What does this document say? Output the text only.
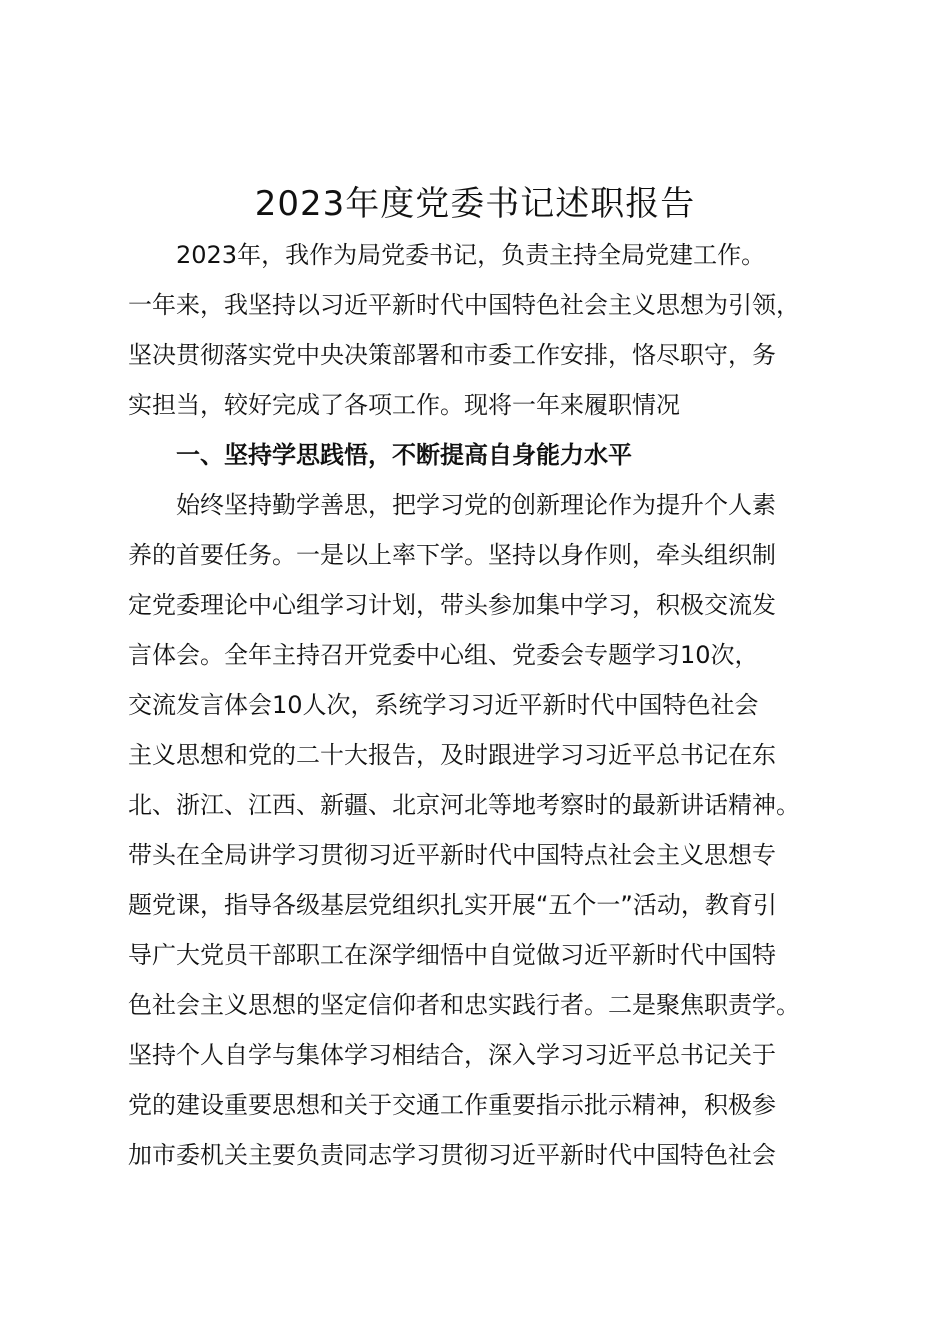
2023年度党委书记述职报告

　　2023年，我作为局党委书记，负责主持全局党建工作。

一年来，我坚持以习近平新时代中国特色社会主义思想为引领，

坚决贯彻落实党中央决策部署和市委工作安排，恪尽职守，务

实担当，较好完成了各项工作。现将一年来履职情况

　　一、坚持学思践悟，不断提高自身能力水平

　　始终坚持勤学善思，把学习党的创新理论作为提升个人素

养的首要任务。一是以上率下学。坚持以身作则，牵头组织制

定党委理论中心组学习计划，带头参加集中学习，积极交流发

言体会。全年主持召开党委中心组、党委会专题学习10次，

交流发言体会10人次，系统学习习近平新时代中国特色社会

主义思想和党的二十大报告，及时跟进学习习近平总书记在东

北、浙江、江西、新疆、北京河北等地考察时的最新讲话精神。

带头在全局讲学习贯彻习近平新时代中国特点社会主义思想专

题党课，指导各级基层党组织扎实开展“五个一”活动，教育引

导广大党员干部职工在深学细悟中自觉做习近平新时代中国特

色社会主义思想的坚定信仰者和忠实践行者。二是聚焦职责学。

坚持个人自学与集体学习相结合，深入学习习近平总书记关于

党的建设重要思想和关于交通工作重要指示批示精神，积极参

加市委机关主要负责同志学习贯彻习近平新时代中国特色社会
